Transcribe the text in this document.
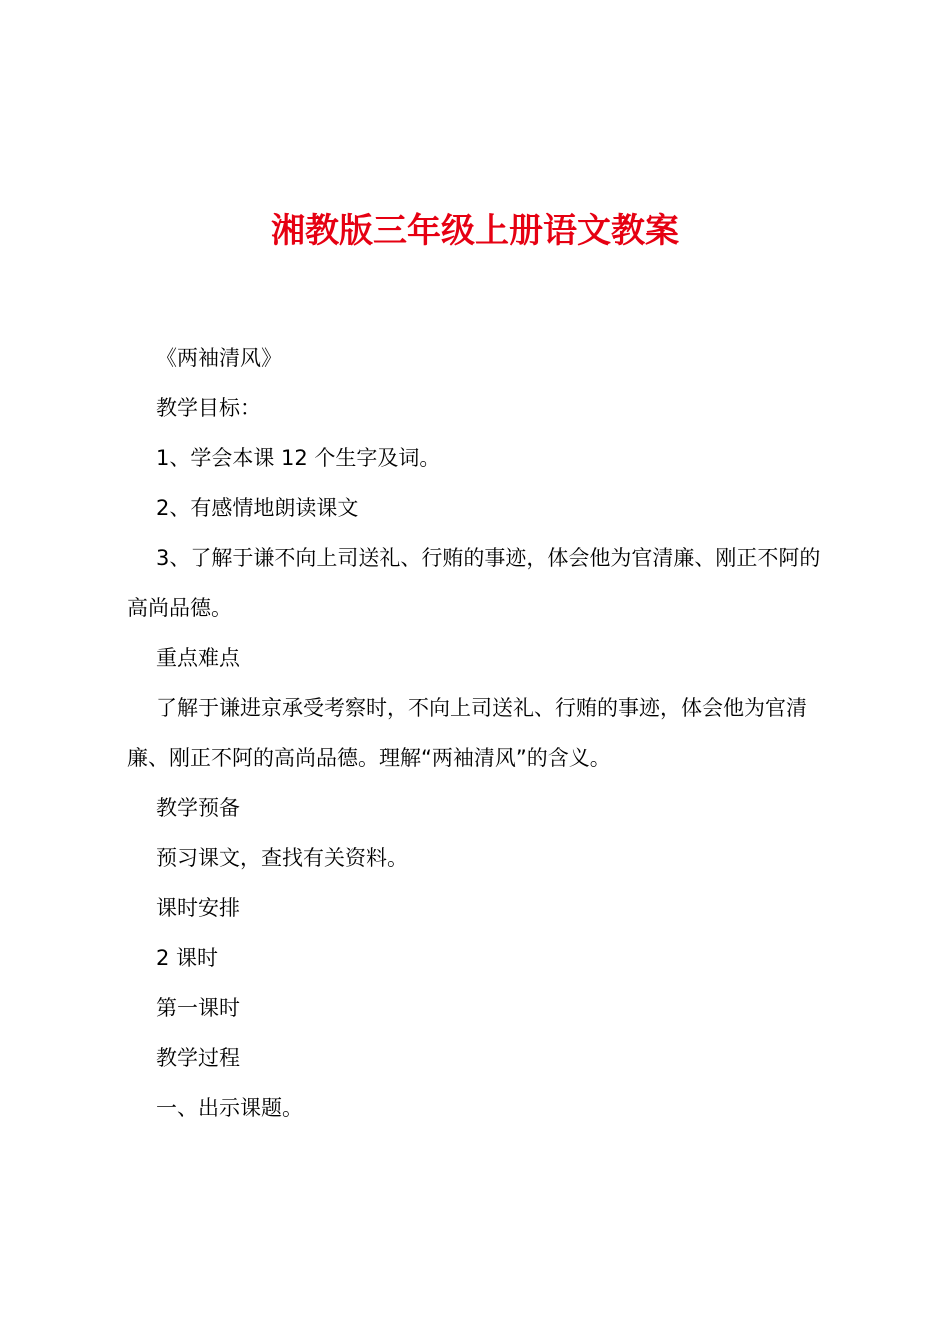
湘教版三年级上册语文教案

《两袖清风》

教学目标：

1、学会本课 12 个生字及词。

2、有感情地朗读课文

3、了解于谦不向上司送礼、行贿的事迹，体会他为官清廉、刚正不阿的高尚品德。

重点难点

了解于谦进京承受考察时，不向上司送礼、行贿的事迹，体会他为官清廉、刚正不阿的高尚品德。理解“两袖清风”的含义。

教学预备

预习课文，查找有关资料。

课时安排

2 课时

第一课时

教学过程

一、出示课题。
